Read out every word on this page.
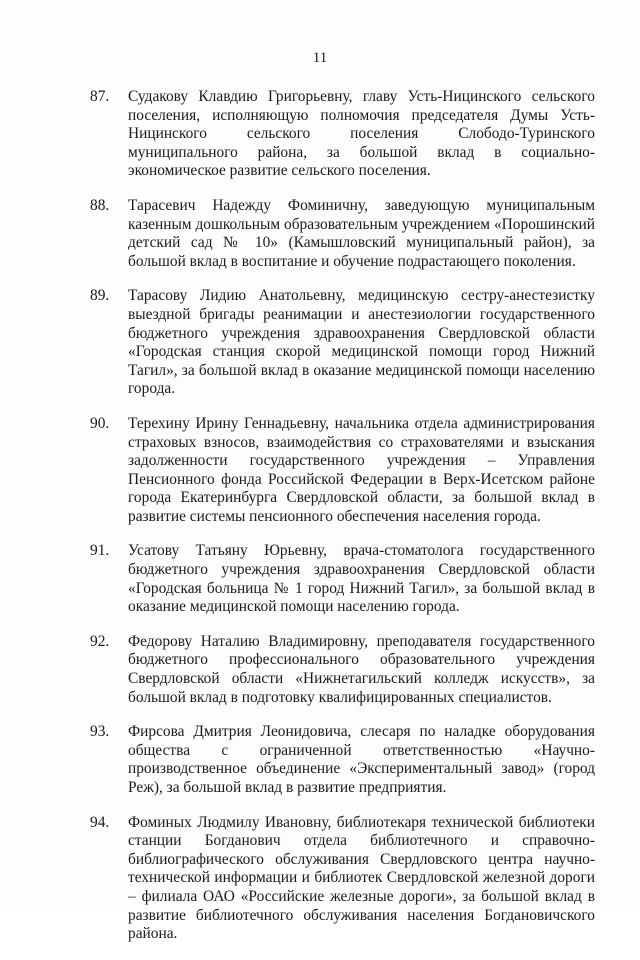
11
87.	Судакову Клавдию Григорьевну, главу Усть-Ницинского сельского поселения, исполняющую полномочия председателя Думы Усть-Ницинского сельского поселения Слободо-Туринского муниципального района, за большой вклад в социально-экономическое развитие сельского поселения.
88.	Тарасевич Надежду Фоминичну, заведующую муниципальным казенным дошкольным образовательным учреждением «Порошинский детский сад № 10» (Камышловский муниципальный район), за большой вклад в воспитание и обучение подрастающего поколения.
89.	Тарасову Лидию Анатольевну, медицинскую сестру-анестезистку выездной бригады реанимации и анестезиологии государственного бюджетного учреждения здравоохранения Свердловской области «Городская станция скорой медицинской помощи город Нижний Тагил», за большой вклад в оказание медицинской помощи населению города.
90.	Терехину Ирину Геннадьевну, начальника отдела администрирования страховых взносов, взаимодействия со страхователями и взыскания задолженности государственного учреждения – Управления Пенсионного фонда Российской Федерации в Верх-Исетском районе города Екатеринбурга Свердловской области, за большой вклад в развитие системы пенсионного обеспечения населения города.
91.	Усатову Татьяну Юрьевну, врача-стоматолога государственного бюджетного учреждения здравоохранения Свердловской области «Городская больница № 1 город Нижний Тагил», за большой вклад в оказание медицинской помощи населению города.
92.	Федорову Наталию Владимировну, преподавателя государственного бюджетного профессионального образовательного учреждения Свердловской области «Нижнетагильский колледж искусств», за большой вклад в подготовку квалифицированных специалистов.
93.	Фирсова Дмитрия Леонидовича, слесаря по наладке оборудования общества с ограниченной ответственностью «Научно-производственное объединение «Экспериментальный завод» (город Реж), за большой вклад в развитие предприятия.
94.	Фоминых Людмилу Ивановну, библиотекаря технической библиотеки станции Богданович отдела библиотечного и справочно-библиографического обслуживания Свердловского центра научно-технической информации и библиотек Свердловской железной дороги – филиала ОАО «Российские железные дороги», за большой вклад в развитие библиотечного обслуживания населения Богдановичского района.
